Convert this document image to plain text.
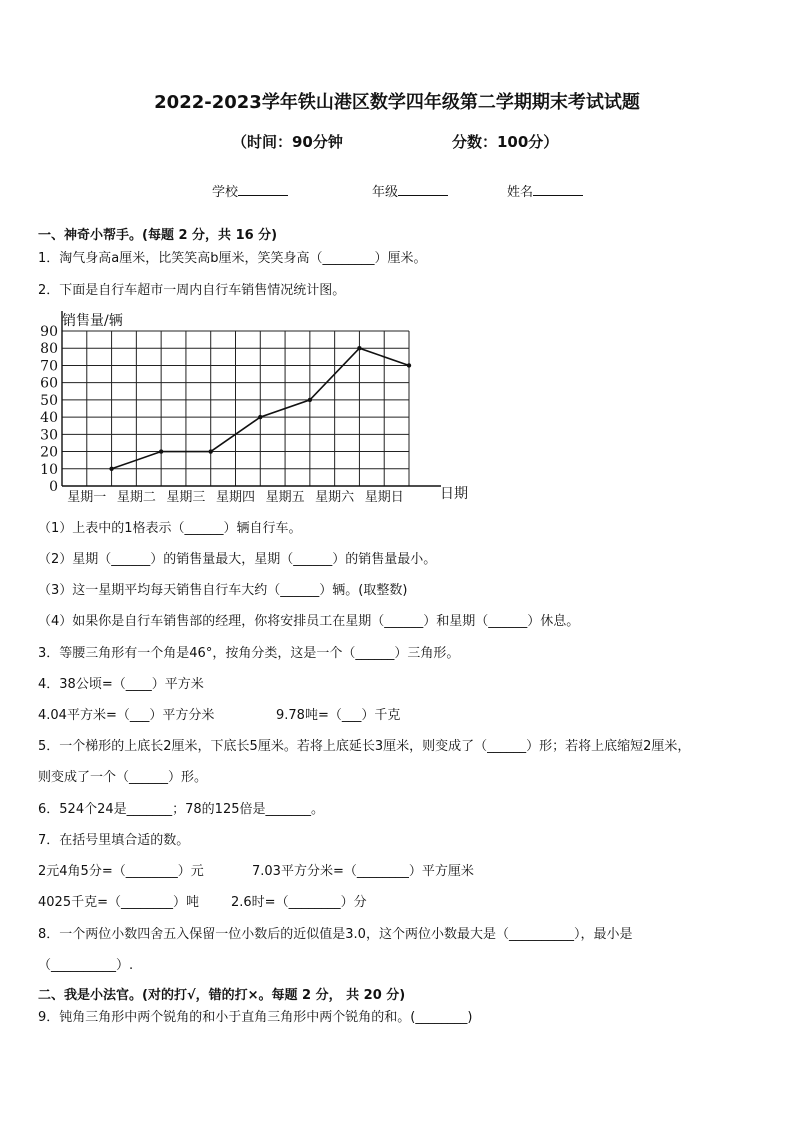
2022-2023学年铁山港区数学四年级第二学期期末考试试题
（时间：90分钟	分数：100分）
学校	年级	姓名
一、神奇小帮手。(每题 2 分，共 16 分)
1．淘气身高a厘米，比笑笑高b厘米，笑笑身高（________）厘米。
2．下面是自行车超市一周内自行车销售情况统计图。
0
10
20
30
40
50
60
70
80
90
星期一 星期二 星期三 星期四 星期五 星期六 星期日
销售量/辆
日期
（1）上表中的1格表示（______）辆自行车。
（2）星期（______）的销售量最大，星期（______）的销售量最小。
（3）这一星期平均每天销售自行车大约（______）辆。(取整数)
（4）如果你是自行车销售部的经理，你将安排员工在星期（______）和星期（______）休息。
3．等腰三角形有一个角是46°，按角分类，这是一个（______）三角形。
4．38公顷=（____）平方米
4.04平方米=（___）平方分米	9.78吨=（___）千克
5．一个梯形的上底长2厘米，下底长5厘米。若将上底延长3厘米，则变成了（______）形；若将上底缩短2厘米，
则变成了一个（______）形。
6．524个24是_______；78的125倍是_______。
7．在括号里填合适的数。
2元4角5分=（________）元	7.03平方分米=（________）平方厘米
4025千克=（________）吨 2.6时=（________）分
8．一个两位小数四舍五入保留一位小数后的近似值是3.0，这个两位小数最大是（__________），最小是
（__________）.
二、我是小法官。(对的打√，错的打×。每题 2 分， 共 20 分)
9．钝角三角形中两个锐角的和小于直角三角形中两个锐角的和。(________)
